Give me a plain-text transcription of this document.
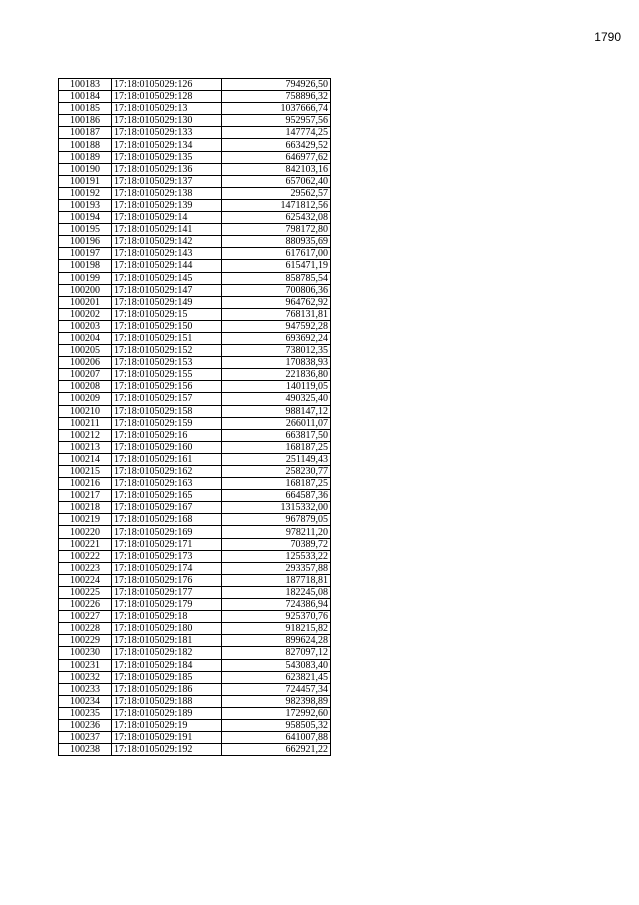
1790
100183	17:18:0105029:126	794926,50
100184	17:18:0105029:128	758896,32
100185	17:18:0105029:13	1037666,74
100186	17:18:0105029:130	952957,56
100187	17:18:0105029:133	147774,25
100188	17:18:0105029:134	663429,52
100189	17:18:0105029:135	646977,62
100190	17:18:0105029:136	842103,16
100191	17:18:0105029:137	657062,40
100192	17:18:0105029:138	29562,57
100193	17:18:0105029:139	1471812,56
100194	17:18:0105029:14	625432,08
100195	17:18:0105029:141	798172,80
100196	17:18:0105029:142	880935,69
100197	17:18:0105029:143	617617,00
100198	17:18:0105029:144	615471,19
100199	17:18:0105029:145	858785,54
100200	17:18:0105029:147	700806,36
100201	17:18:0105029:149	964762,92
100202	17:18:0105029:15	768131,81
100203	17:18:0105029:150	947592,28
100204	17:18:0105029:151	693692,24
100205	17:18:0105029:152	738012,35
100206	17:18:0105029:153	170838,93
100207	17:18:0105029:155	221836,80
100208	17:18:0105029:156	140119,05
100209	17:18:0105029:157	490325,40
100210	17:18:0105029:158	988147,12
100211	17:18:0105029:159	266011,07
100212	17:18:0105029:16	663817,50
100213	17:18:0105029:160	168187,25
100214	17:18:0105029:161	251149,43
100215	17:18:0105029:162	258230,77
100216	17:18:0105029:163	168187,25
100217	17:18:0105029:165	664587,36
100218	17:18:0105029:167	1315332,00
100219	17:18:0105029:168	967879,05
100220	17:18:0105029:169	978211,20
100221	17:18:0105029:171	70389,72
100222	17:18:0105029:173	125533,22
100223	17:18:0105029:174	293357,88
100224	17:18:0105029:176	187718,81
100225	17:18:0105029:177	182245,08
100226	17:18:0105029:179	724386,94
100227	17:18:0105029:18	925370,76
100228	17:18:0105029:180	918215,82
100229	17:18:0105029:181	899624,28
100230	17:18:0105029:182	827097,12
100231	17:18:0105029:184	543083,40
100232	17:18:0105029:185	623821,45
100233	17:18:0105029:186	724457,34
100234	17:18:0105029:188	982398,89
100235	17:18:0105029:189	172992,60
100236	17:18:0105029:19	958505,32
100237	17:18:0105029:191	641007,88
100238	17:18:0105029:192	662921,22
